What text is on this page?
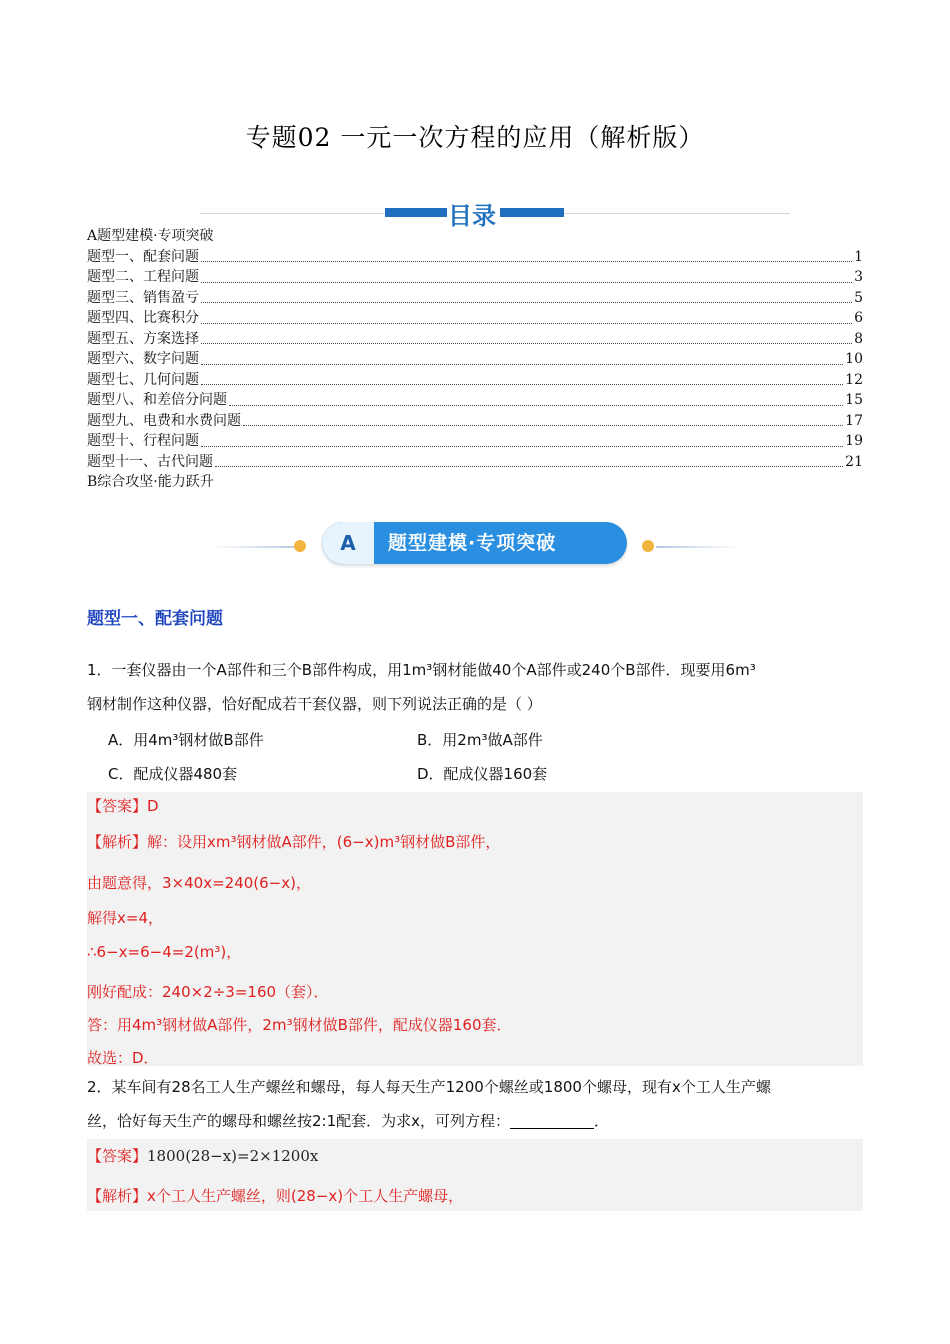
专题02 一元一次方程的应用（解析版）
目录
A题型建模·专项突破
题型一、配套问题	1
题型二、工程问题	3
题型三、销售盈亏	5
题型四、比赛积分	6
题型五、方案选择	8
题型六、数字问题	10
题型七、几何问题	12
题型八、和差倍分问题	15
题型九、电费和水费问题	17
题型十、行程问题	19
题型十一、古代问题	21
B综合攻坚·能力跃升
A	题型建模·专项突破
题型一、配套问题
1．一套仪器由一个A部件和三个B部件构成，用1m³钢材能做40个A部件或240个B部件．现要用6m³
钢材制作这种仪器，恰好配成若干套仪器，则下列说法正确的是（ ）
A．用4m³钢材做B部件	B．用2m³做A部件
C．配成仪器480套	D．配成仪器160套
【答案】D
【解析】解：设用xm³钢材做A部件，(6−x)m³钢材做B部件，
由题意得，3×40x=240(6−x)，
解得x=4，
∴6−x=6−4=2(m³)，
刚好配成：240×2÷3=160（套）．
答：用4m³钢材做A部件，2m³钢材做B部件，配成仪器160套．
故选：D．
2．某车间有28名工人生产螺丝和螺母，每人每天生产1200个螺丝或1800个螺母，现有x个工人生产螺
丝，恰好每天生产的螺母和螺丝按2:1配套．为求x，可列方程：	．
【答案】1800(28−x)=2×1200x
【解析】x个工人生产螺丝，则(28−x)个工人生产螺母，
